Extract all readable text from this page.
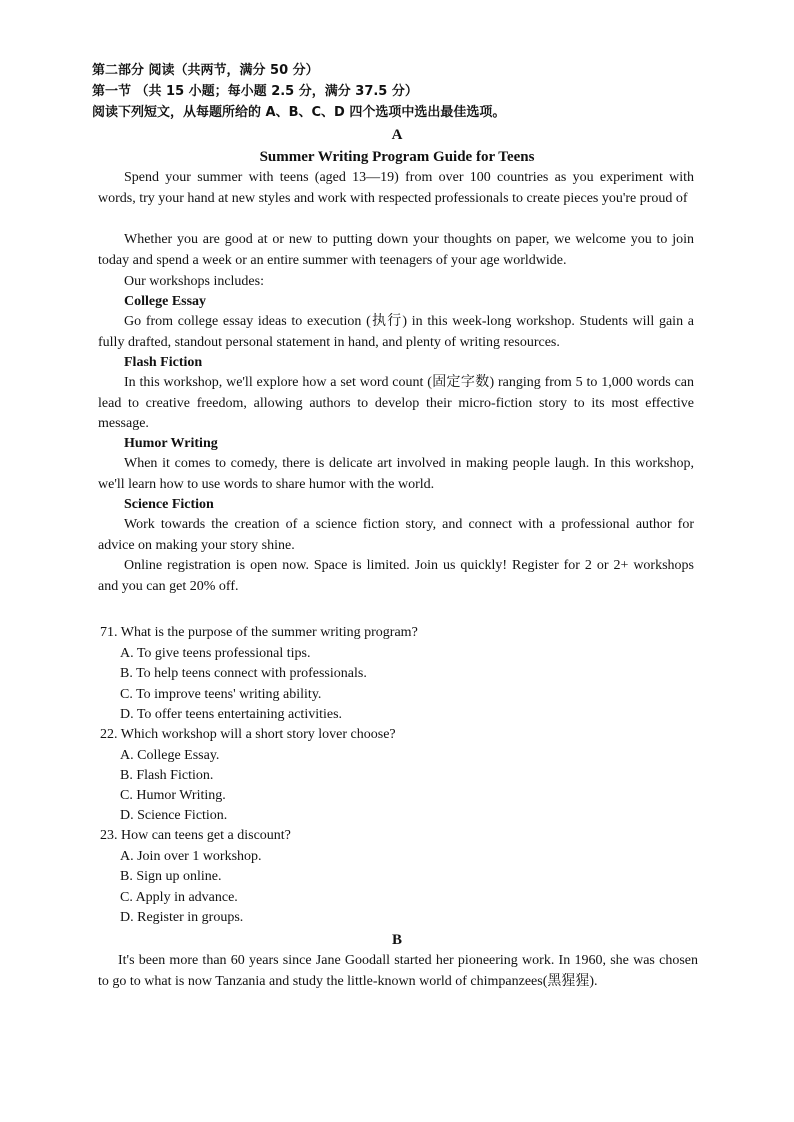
第二部分 阅读（共两节，满分 50 分）
第一节 （共 15 小题；每小题 2.5 分，满分 37.5 分）
阅读下列短文，从每题所给的 A、B、C、D 四个选项中选出最佳选项。
A
Summer Writing Program Guide for Teens
Spend your summer with teens (aged 13—19) from over 100 countries as you experiment with words, try your hand at new styles and work with respected professionals to create pieces you're proud of
Whether you are good at or new to putting down your thoughts on paper, we welcome you to join today and spend a week or an entire summer with teenagers of your age worldwide.
Our workshops includes:
College Essay
Go from college essay ideas to execution (执行) in this week-long workshop. Students will gain a fully drafted, standout personal statement in hand, and plenty of writing resources.
Flash Fiction
In this workshop, we'll explore how a set word count (固定字数) ranging from 5 to 1,000 words can lead to creative freedom, allowing authors to develop their micro-fiction story to its most effective message.
Humor Writing
When it comes to comedy, there is delicate art involved in making people laugh. In this workshop, we'll learn how to use words to share humor with the world.
Science Fiction
Work towards the creation of a science fiction story, and connect with a professional author for advice on making your story shine.
Online registration is open now. Space is limited. Join us quickly! Register for 2 or 2+ workshops and you can get 20% off.
71. What is the purpose of the summer writing program?
A. To give teens professional tips.
B. To help teens connect with professionals.
C. To improve teens' writing ability.
D. To offer teens entertaining activities.
22. Which workshop will a short story lover choose?
A. College Essay.
B. Flash Fiction.
C. Humor Writing.
D. Science Fiction.
23. How can teens get a discount?
A. Join over 1 workshop.
B. Sign up online.
C. Apply in advance.
D. Register in groups.
B
It's been more than 60 years since Jane Goodall started her pioneering work. In 1960, she was chosen to go to what is now Tanzania and study the little-known world of chimpanzees(黑猩猩).
